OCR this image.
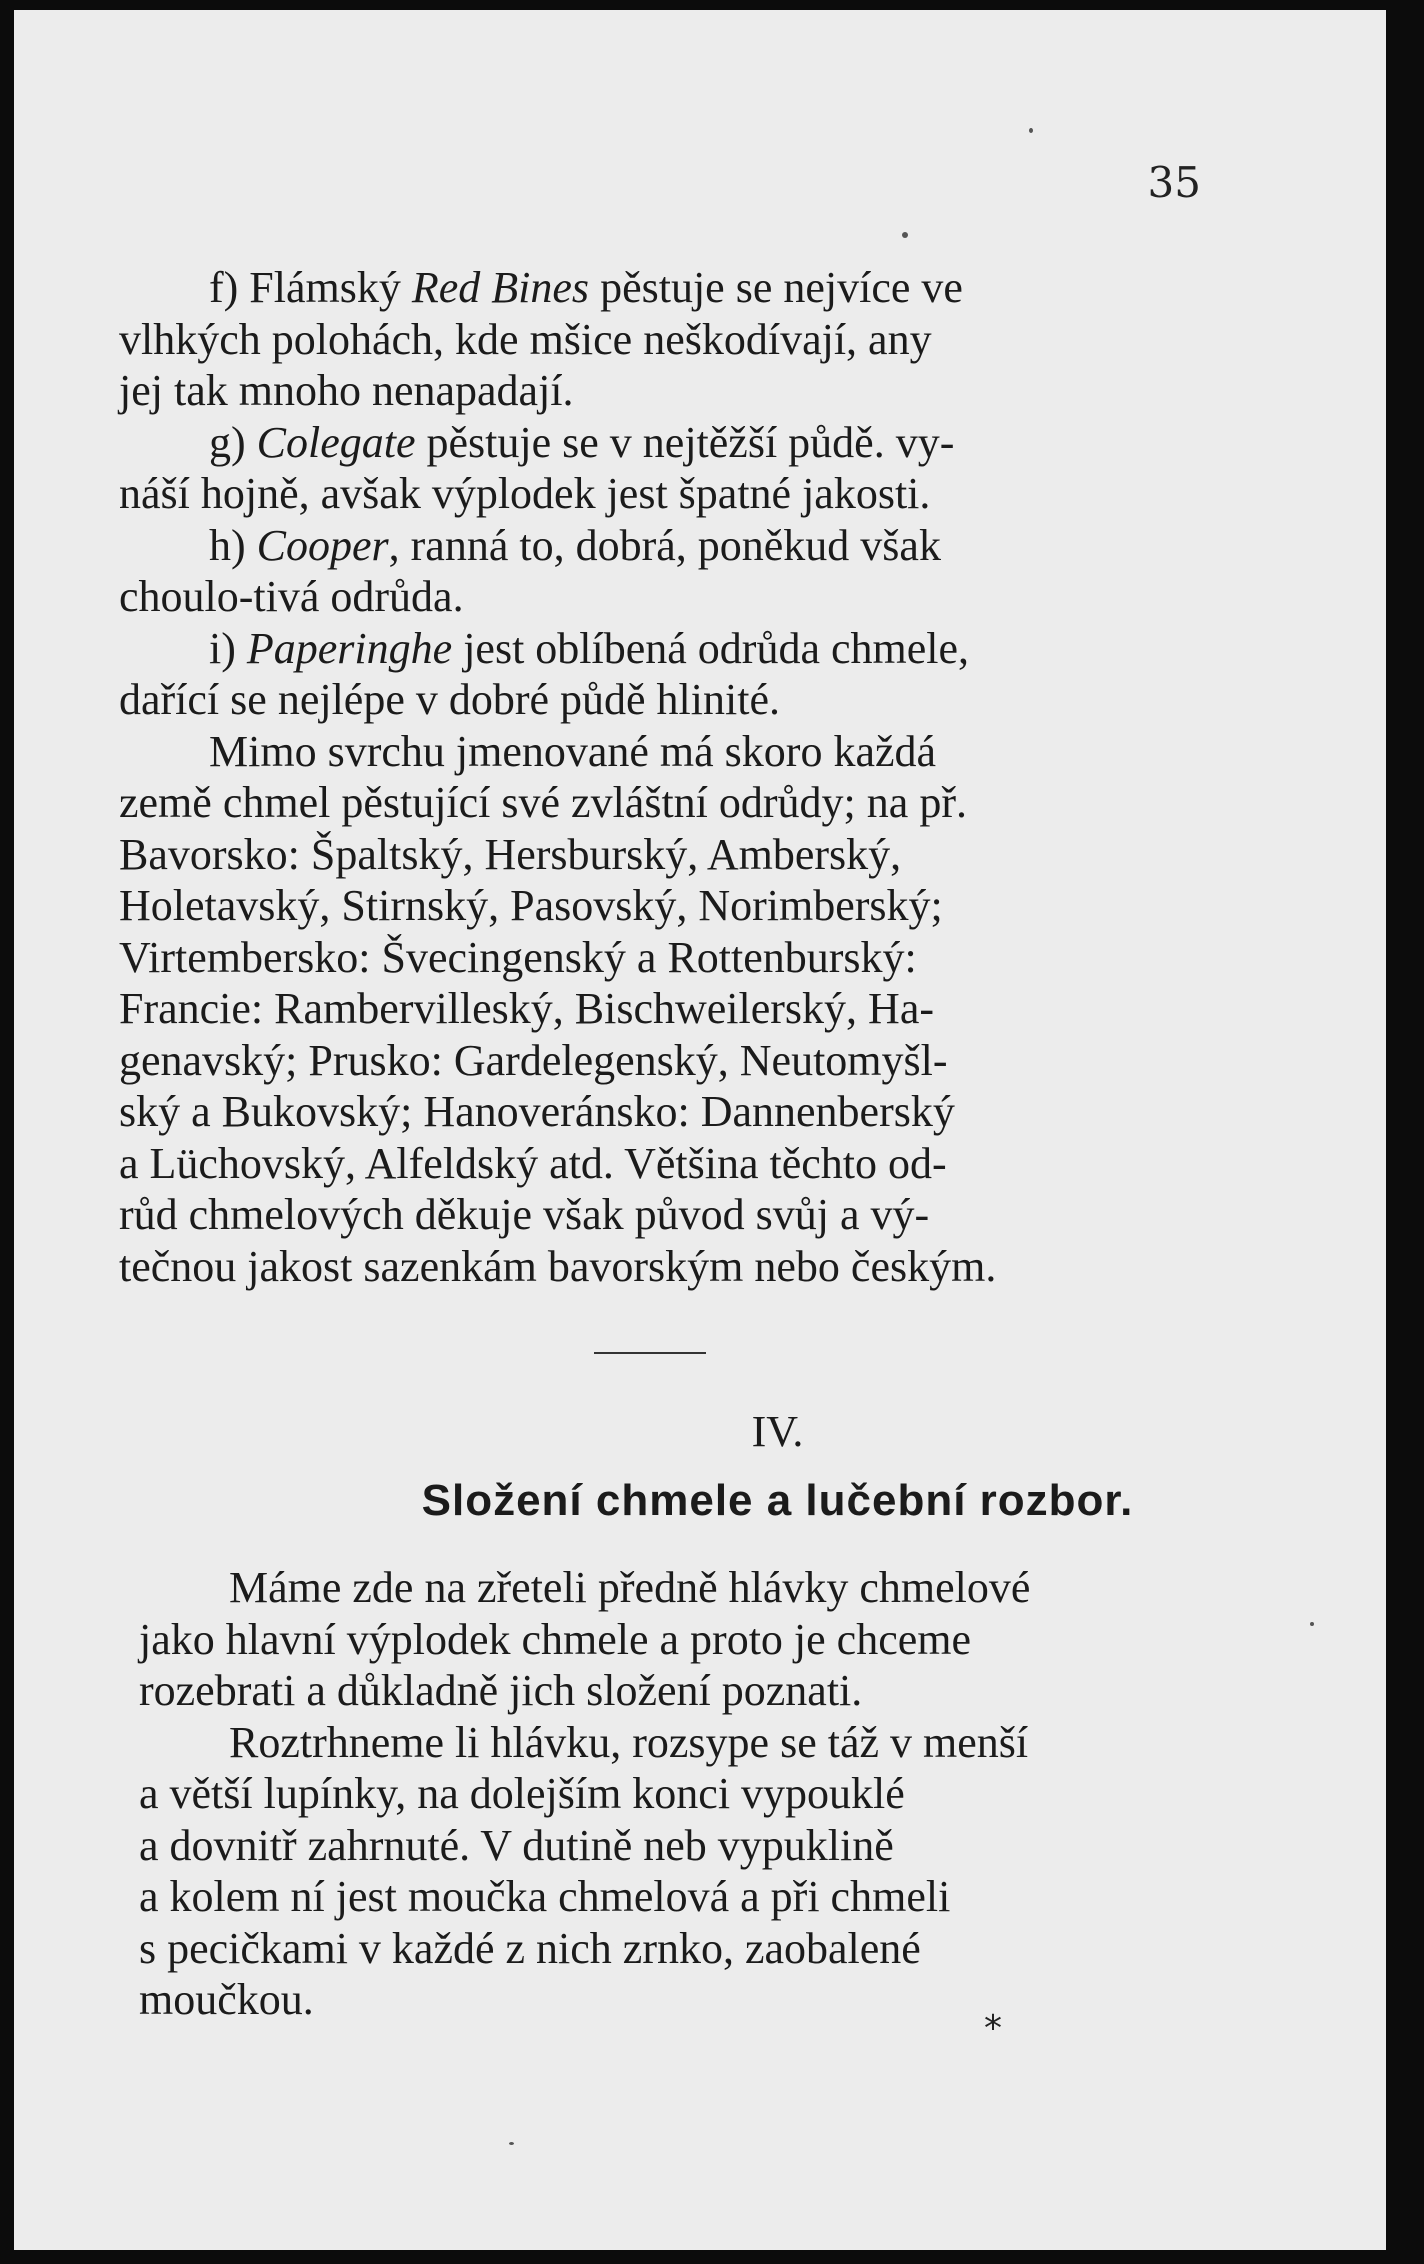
35
f) Flámský Red Bines pěstuje se nejvíce ve
vlhkých polohách, kde mšice neškodívají, any
jej tak mnoho nenapadají.
g) Colegate pěstuje se v nejtěžší půdě. vy-
náší hojně, avšak výplodek jest špatné jakosti.
h) Cooper, ranná to, dobrá, poněkud však
choulo-tivá odrůda.
i) Paperinghe jest oblíbená odrůda chmele,
dařící se nejlépe v dobré půdě hlinité.
Mimo svrchu jmenované má skoro každá
země chmel pěstující své zvláštní odrůdy; na př.
Bavorsko: Špaltský, Hersburský, Amberský,
Holetavský, Stirnský, Pasovský, Norimberský;
Virtembersko: Švecingenský a Rottenburský:
Francie: Rambervilleský, Bischweilerský, Ha-
genavský; Prusko: Gardelegenský, Neutomyšl-
ský a Bukovský; Hanoveránsko: Dannenberský
a Lüchovský, Alfeldský atd. Většina těchto od-
růd chmelových děkuje však původ svůj a vý-
tečnou jakost sazenkám bavorským nebo českým.
IV.
Složení chmele a lučební rozbor.
Máme zde na zřeteli předně hlávky chmelové
jako hlavní výplodek chmele a proto je chceme
rozebrati a důkladně jich složení poznati.
Roztrhneme li hlávku, rozsype se táž v menší
a větší lupínky, na dolejším konci vypouklé
a dovnitř zahrnuté. V dutině neb vypuklině
a kolem ní jest moučka chmelová a při chmeli
s pecičkami v každé z nich zrnko, zaobalené
moučkou.
*
